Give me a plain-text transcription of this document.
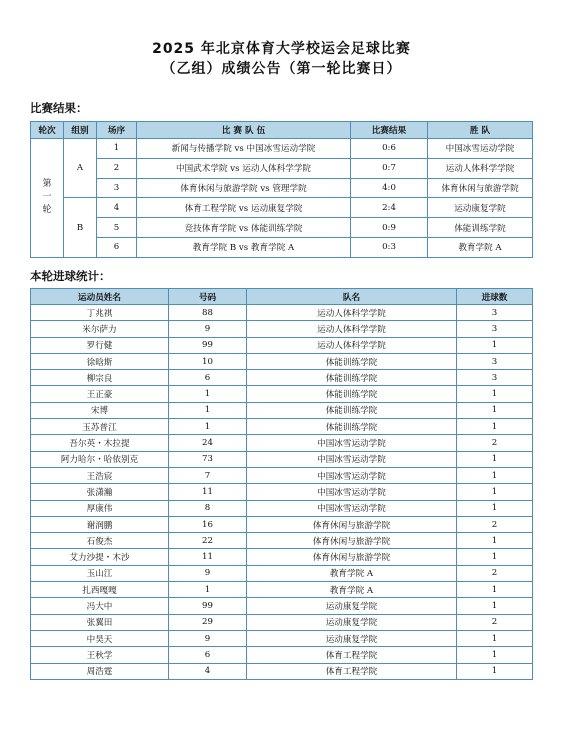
2025 年北京体育大学校运会足球比赛
（乙组）成绩公告（第一轮比赛日）
比赛结果：
轮次	组别	场序	比 赛 队 伍	比赛结果	胜 队
第
一
轮	A	1	新闻与传播学院 vs 中国冰雪运动学院	0:6	中国冰雪运动学院
		2	中国武术学院 vs 运动人体科学学院	0:7	运动人体科学学院
		3	体育休闲与旅游学院 vs 管理学院	4:0	体育休闲与旅游学院
	B	4	体育工程学院 vs 运动康复学院	2:4	运动康复学院
		5	竞技体育学院 vs 体能训练学院	0:9	体能训练学院
		6	教育学院 B vs 教育学院 A	0:3	教育学院 A
本轮进球统计：
运动员姓名	号码	队名	进球数
丁兆祺	88	运动人体科学学院	3
米尔萨力	9	运动人体科学学院	3
罗行健	99	运动人体科学学院	1
徐晗斯	10	体能训练学院	3
柳宗良	6	体能训练学院	3
王正豪	1	体能训练学院	1
宋博	1	体能训练学院	1
玉苏普江	1	体能训练学院	1
吾尔英・木拉提	24	中国冰雪运动学院	2
阿力哈尔・哈依别克	73	中国冰雪运动学院	1
王浩宸	7	中国冰雪运动学院	1
张潇瀚	11	中国冰雪运动学院	1
厚康伟	8	中国冰雪运动学院	1
谢润鹏	16	体育休闲与旅游学院	2
石俊杰	22	体育休闲与旅游学院	1
艾力沙提・木沙	11	体育休闲与旅游学院	1
玉山江	9	教育学院 A	2
扎西嘎嘎	1	教育学院 A	1
冯大中	99	运动康复学院	1
张翼田	29	运动康复学院	2
中昊天	9	运动康复学院	1
王秋学	6	体育工程学院	1
周浩霆	4	体育工程学院	1
